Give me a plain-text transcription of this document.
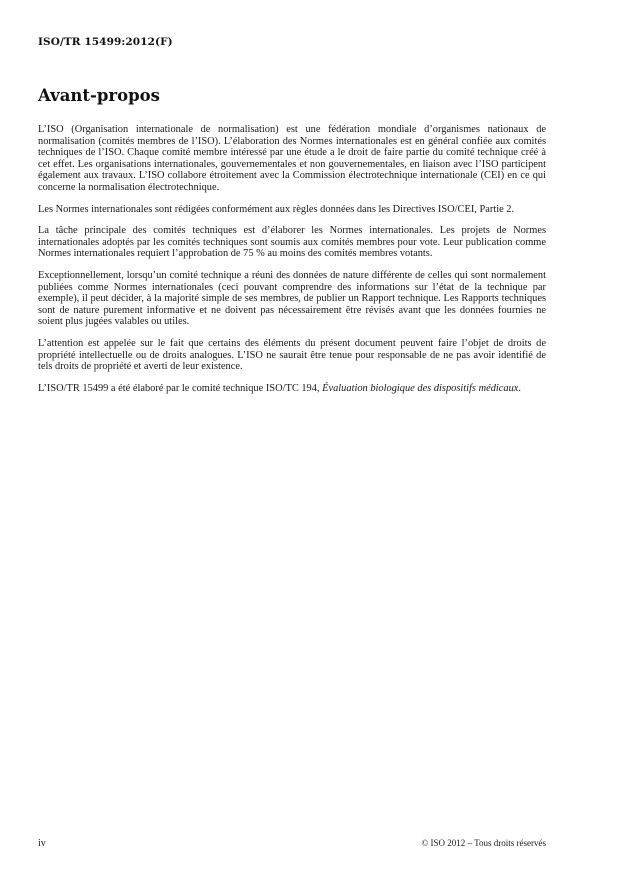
ISO/TR 15499:2012(F)
Avant-propos

L’ISO (Organisation internationale de normalisation) est une fédération mondiale d’organismes nationaux de normalisation (comités membres de l’ISO). L’élaboration des Normes internationales est en général confiée aux comités techniques de l’ISO. Chaque comité membre intéressé par une étude a le droit de faire partie du comité technique créé à cet effet. Les organisations internationales, gouvernementales et non gouvernementales, en liaison avec l’ISO participent également aux travaux. L’ISO collabore étroitement avec la Commission électrotechnique internationale (CEI) en ce qui concerne la normalisation électrotechnique.

Les Normes internationales sont rédigées conformément aux règles données dans les Directives ISO/CEI, Partie 2.

La tâche principale des comités techniques est d’élaborer les Normes internationales. Les projets de Normes internationales adoptés par les comités techniques sont soumis aux comités membres pour vote. Leur publication comme Normes internationales requiert l’approbation de 75 % au moins des comités membres votants.

Exceptionnellement, lorsqu’un comité technique a réuni des données de nature différente de celles qui sont normalement publiées comme Normes internationales (ceci pouvant comprendre des informations sur l’état de la technique par exemple), il peut décider, à la majorité simple de ses membres, de publier un Rapport technique. Les Rapports techniques sont de nature purement informative et ne doivent pas nécessairement être révisés avant que les données fournies ne soient plus jugées valables ou utiles.

L’attention est appelée sur le fait que certains des éléments du présent document peuvent faire l’objet de droits de propriété intellectuelle ou de droits analogues. L’ISO ne saurait être tenue pour responsable de ne pas avoir identifié de tels droits de propriété et averti de leur existence.

L’ISO/TR 15499 a été élaboré par le comité technique ISO/TC 194, Évaluation biologique des dispositifs médicaux.

iv	© ISO 2012 – Tous droits réservés
